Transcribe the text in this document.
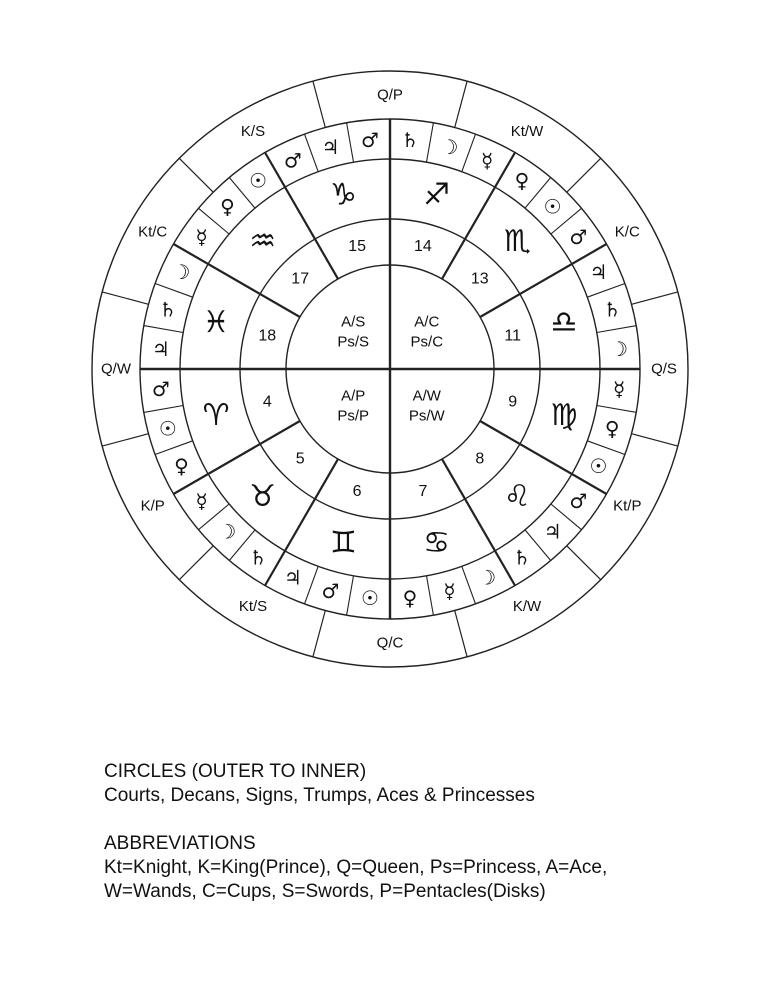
Q/P
Kt/W
K/C
Q/S
Kt/P
K/W
Q/C
Kt/S
K/P
Q/W
Kt/C
K/S	♄ ☽
☿
♀
☉
♂
♃
♄
☽
☿
♀
☉
♂
♃
♄
☽
☿
♀
☉
♂
♃
♄
☽
☿
♀
☉
♂
♃
♄
☽
☿
♀
☉
♂
♃ ♂
♐
♏
♎
♍
♌
♋
♊
♉
♈
♓
♒
♑
14
13
11
9
8
7
6
5
4
18
17
15
A/C
Ps/C
A/W
Ps/W
A/P
Ps/P
A/S
Ps/S
CIRCLES (OUTER TO INNER)
Courts, Decans, Signs, Trumps, Aces & Princesses
ABBREVIATIONS
Kt=Knight, K=King(Prince), Q=Queen, Ps=Princess, A=Ace,
W=Wands, C=Cups, S=Swords, P=Pentacles(Disks)
